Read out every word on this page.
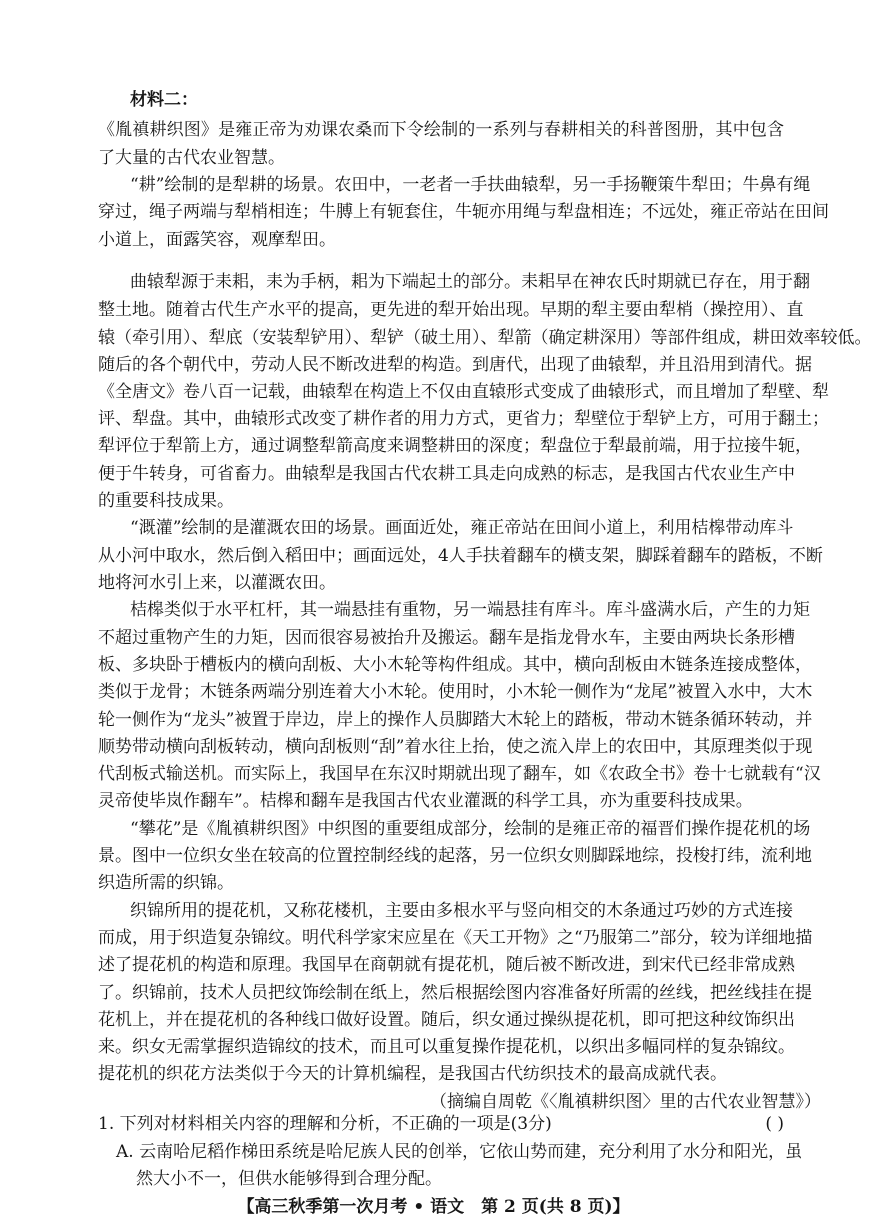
材料二：

《胤禛耕织图》是雍正帝为劝课农桑而下令绘制的一系列与春耕相关的科普图册，其中包含

了大量的古代农业智慧。

“耕”绘制的是犁耕的场景。农田中，一老者一手扶曲辕犁，另一手扬鞭策牛犁田；牛鼻有绳

穿过，绳子两端与犁梢相连；牛膊上有轭套住，牛轭亦用绳与犁盘相连；不远处，雍正帝站在田间

小道上，面露笑容，观摩犁田。

曲辕犁源于耒耜，耒为手柄，耜为下端起土的部分。耒耜早在神农氏时期就已存在，用于翻

整土地。随着古代生产水平的提高，更先进的犁开始出现。早期的犁主要由犁梢（操控用）、直

辕（牵引用）、犁底（安装犁铲用）、犁铲（破土用）、犁箭（确定耕深用）等部件组成，耕田效率较低。

随后的各个朝代中，劳动人民不断改进犁的构造。到唐代，出现了曲辕犁，并且沿用到清代。据

《全唐文》卷八百一记载，曲辕犁在构造上不仅由直辕形式变成了曲辕形式，而且增加了犁壁、犁

评、犁盘。其中，曲辕形式改变了耕作者的用力方式，更省力；犁壁位于犁铲上方，可用于翻土；

犁评位于犁箭上方，通过调整犁箭高度来调整耕田的深度；犁盘位于犁最前端，用于拉接牛轭，

便于牛转身，可省畜力。曲辕犁是我国古代农耕工具走向成熟的标志，是我国古代农业生产中

的重要科技成果。

“溉灌”绘制的是灌溉农田的场景。画面近处，雍正帝站在田间小道上，利用桔槔带动库斗

从小河中取水，然后倒入稻田中；画面远处，4人手扶着翻车的横支架，脚踩着翻车的踏板，不断

地将河水引上来，以灌溉农田。

桔槔类似于水平杠杆，其一端悬挂有重物，另一端悬挂有库斗。库斗盛满水后，产生的力矩

不超过重物产生的力矩，因而很容易被抬升及搬运。翻车是指龙骨水车，主要由两块长条形槽

板、多块卧于槽板内的横向刮板、大小木轮等构件组成。其中，横向刮板由木链条连接成整体，

类似于龙骨；木链条两端分别连着大小木轮。使用时，小木轮一侧作为“龙尾”被置入水中，大木

轮一侧作为“龙头”被置于岸边，岸上的操作人员脚踏大木轮上的踏板，带动木链条循环转动，并

顺势带动横向刮板转动，横向刮板则“刮”着水往上抬，使之流入岸上的农田中，其原理类似于现

代刮板式输送机。而实际上，我国早在东汉时期就出现了翻车，如《农政全书》卷十七就载有“汉

灵帝使毕岚作翻车”。桔槔和翻车是我国古代农业灌溉的科学工具，亦为重要科技成果。

“攀花”是《胤禛耕织图》中织图的重要组成部分，绘制的是雍正帝的福晋们操作提花机的场

景。图中一位织女坐在较高的位置控制经线的起落，另一位织女则脚踩地综，投梭打纬，流利地

织造所需的织锦。

织锦所用的提花机，又称花楼机，主要由多根水平与竖向相交的木条通过巧妙的方式连接

而成，用于织造复杂锦纹。明代科学家宋应星在《天工开物》之“乃服第二”部分，较为详细地描

述了提花机的构造和原理。我国早在商朝就有提花机，随后被不断改进，到宋代已经非常成熟

了。织锦前，技术人员把纹饰绘制在纸上，然后根据绘图内容准备好所需的丝线，把丝线挂在提

花机上，并在提花机的各种线口做好设置。随后，织女通过操纵提花机，即可把这种纹饰织出

来。织女无需掌握织造锦纹的技术，而且可以重复操作提花机，以织出多幅同样的复杂锦纹。

提花机的织花方法类似于今天的计算机编程，是我国古代纺织技术的最高成就代表。

（摘编自周乾《〈胤禛耕织图〉里的古代农业智慧》）

1. 下列对材料相关内容的理解和分析，不正确的一项是(3分)	( )

A. 云南哈尼稻作梯田系统是哈尼族人民的创举，它依山势而建，充分利用了水分和阳光，虽

然大小不一，但供水能够得到合理分配。

【高三秋季第一次月考 • 语文　第 2 页(共 8 页)】
